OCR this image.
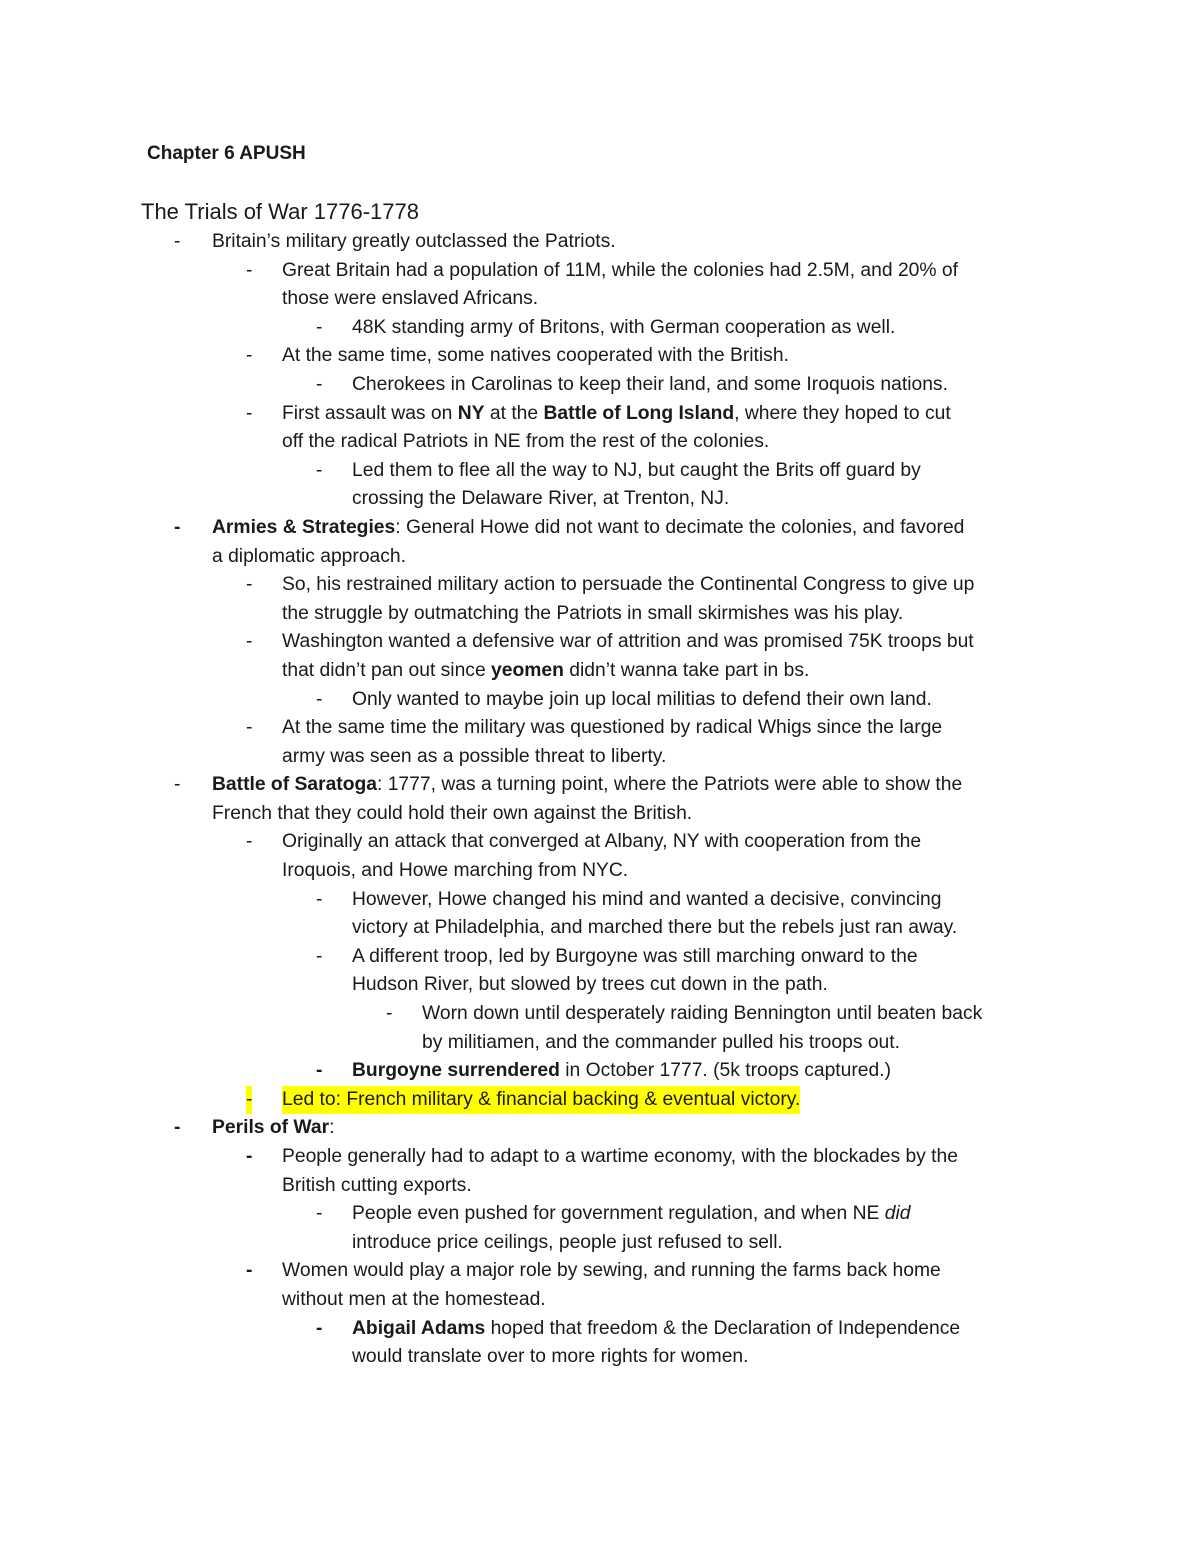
Chapter 6 APUSH
The Trials of War 1776-1778
- Britain’s military greatly outclassed the Patriots.
- Great Britain had a population of 11M, while the colonies had 2.5M, and 20% of
those were enslaved Africans.
- 48K standing army of Britons, with German cooperation as well.
- At the same time, some natives cooperated with the British.
- Cherokees in Carolinas to keep their land, and some Iroquois nations.
- First assault was on NY at the Battle of Long Island, where they hoped to cut
off the radical Patriots in NE from the rest of the colonies.
- Led them to flee all the way to NJ, but caught the Brits off guard by
crossing the Delaware River, at Trenton, NJ.
- Armies & Strategies: General Howe did not want to decimate the colonies, and favored
a diplomatic approach.
- So, his restrained military action to persuade the Continental Congress to give up
the struggle by outmatching the Patriots in small skirmishes was his play.
- Washington wanted a defensive war of attrition and was promised 75K troops but
that didn’t pan out since yeomen didn’t wanna take part in bs.
- Only wanted to maybe join up local militias to defend their own land.
- At the same time the military was questioned by radical Whigs since the large
army was seen as a possible threat to liberty.
- Battle of Saratoga: 1777, was a turning point, where the Patriots were able to show the
French that they could hold their own against the British.
- Originally an attack that converged at Albany, NY with cooperation from the
Iroquois, and Howe marching from NYC.
- However, Howe changed his mind and wanted a decisive, convincing
victory at Philadelphia, and marched there but the rebels just ran away.
- A different troop, led by Burgoyne was still marching onward to the
Hudson River, but slowed by trees cut down in the path.
- Worn down until desperately raiding Bennington until beaten back
by militiamen, and the commander pulled his troops out.
- Burgoyne surrendered in October 1777. (5k troops captured.)
- Led to: French military & financial backing & eventual victory.
- Perils of War:
- People generally had to adapt to a wartime economy, with the blockades by the
British cutting exports.
- People even pushed for government regulation, and when NE did
introduce price ceilings, people just refused to sell.
- Women would play a major role by sewing, and running the farms back home
without men at the homestead.
- Abigail Adams hoped that freedom & the Declaration of Independence
would translate over to more rights for women.
